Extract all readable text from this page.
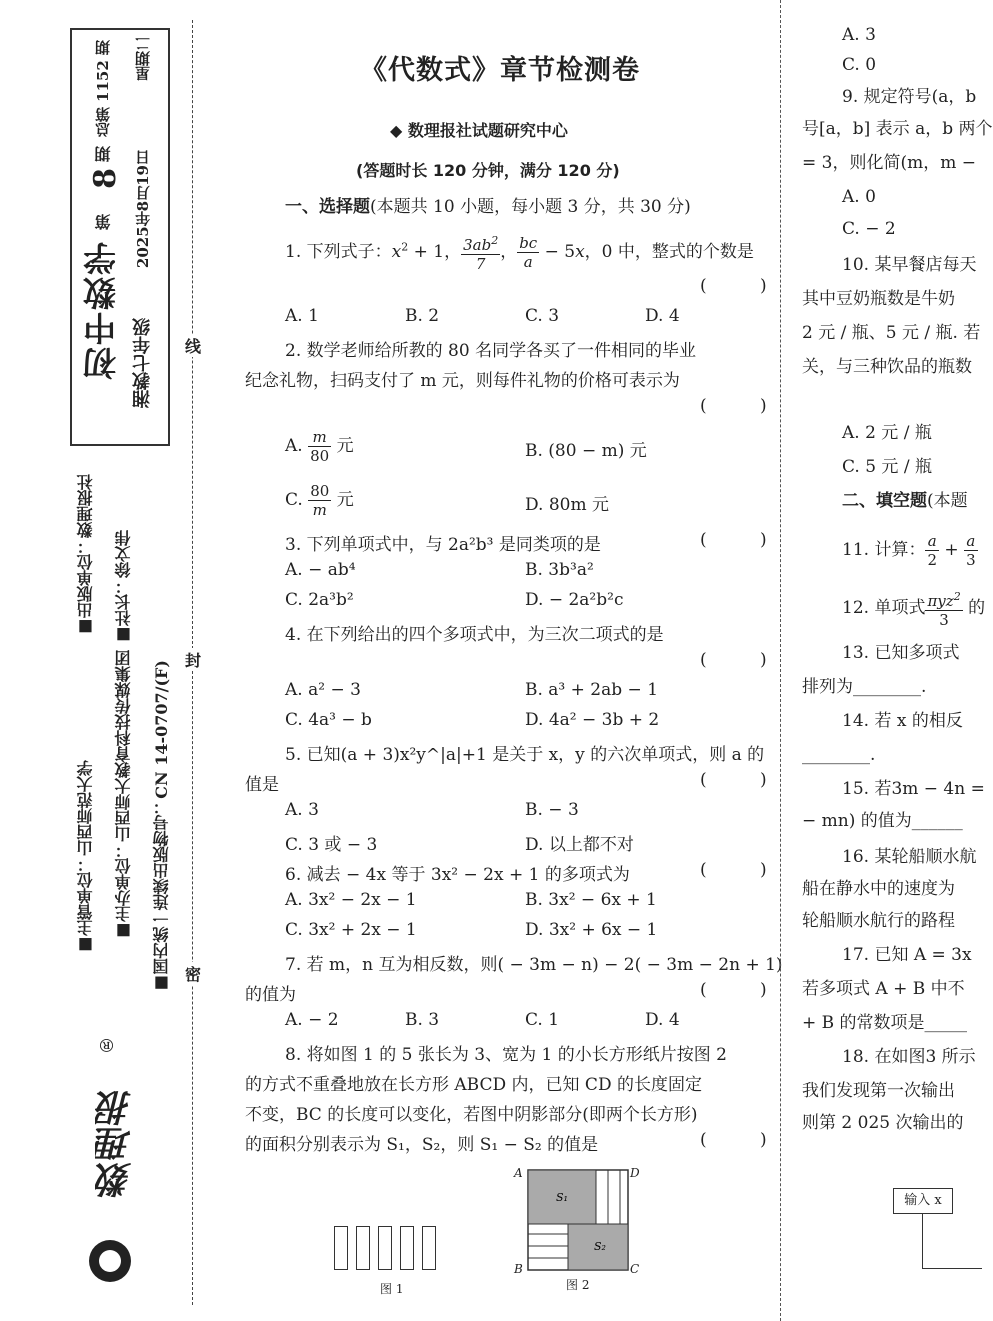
初中数学 湘教七年级
第
8
期
总第 1152 期
2025年8月19日
星期二
■出版单位：数理报社 ■社长：徐文伟
■主管单位：山西师范大学 ■主办单位：山西师大教育科技传媒集团 ■国内统一连续出版物号：CN 14-0707/(F)
®
数理报
线
封
密
《代数式》章节检测卷
◆ 数理报社试题研究中心
(答题时长 120 分钟，满分 120 分)
一、选择题(本题共 10 小题，每小题 3 分，共 30 分)
1. 下列式子：$x^2 + 1$， $\frac{3ab^2}{7}$ ， $\frac{bc}{a} - 5x$，0 中，整式的个数是
( )
A. 1	B. 2	C. 3	D. 4
2. 数学老师给所教的 80 名同学各买了一件相同的毕业
纪念礼物，扫码支付了 m 元，则每件礼物的价格可表示为
( )
A. $\frac{m}{80}$ 元	B. (80 − m) 元
C. $\frac{80}{m}$ 元	D. 80m 元
3. 下列单项式中，与 2a²b³ 是同类项的是	( )
A. − ab⁴	B. 3b³a²
C. 2a³b²	D. − 2a²b²c
4. 在下列给出的四个多项式中，为三次二项式的是
( )
A. a² − 3	B. a³ + 2ab − 1
C. 4a³ − b	D. 4a² − 3b + 2
5. 已知(a + 3)x²y^|a|+1 是关于 x，y 的六次单项式，则 a 的
值是	( )
A. 3	B. − 3
C. 3 或 − 3	D. 以上都不对
6. 减去 − 4x 等于 3x² − 2x + 1 的多项式为	( )
A. 3x² − 2x − 1	B. 3x² − 6x + 1
C. 3x² + 2x − 1	D. 3x² + 6x − 1
7. 若 m，n 互为相反数，则( − 3m − n) − 2( − 3m − 2n + 1)
的值为	( )
A. − 2	B. 3	C. 1	D. 4
8. 将如图 1 的 5 张长为 3、宽为 1 的小长方形纸片按图 2
的方式不重叠地放在长方形 ABCD 内，已知 CD 的长度固定
不变，BC 的长度可以变化，若图中阴影部分(即两个长方形)
的面积分别表示为 S₁，S₂，则 S₁ − S₂ 的值是	( )
图 1
S₁
S₂
A	D
B	C
图 2
A. 3
C. 0
9. 规定符号(a，b
号[a，b] 表示 a，b 两个
= 3，则化简(m，m −
A. 0
C. − 2
10. 某早餐店每天
其中豆奶瓶数是牛奶
2 元 / 瓶、5 元 / 瓶. 若
关，与三种饮品的瓶数
A. 2 元 / 瓶
C. 5 元 / 瓶
二、填空题(本题
11. 计算： $\frac{a}{2} + \frac{a}{3}$
12. 单项式 $\frac{\pi yz^2}{3}$ 的
13. 已知多项式
排列为________.
14. 若 x 的相反
________.
15. 若3m − 4n =
− mn) 的值为______
16. 某轮船顺水航
船在静水中的速度为
轮船顺水航行的路程
17. 已知 A = 3x
若多项式 A + B 中不
+ B 的常数项是_____
18. 在如图3 所示
我们发现第一次输出
则第 2 025 次输出的
输入 x
